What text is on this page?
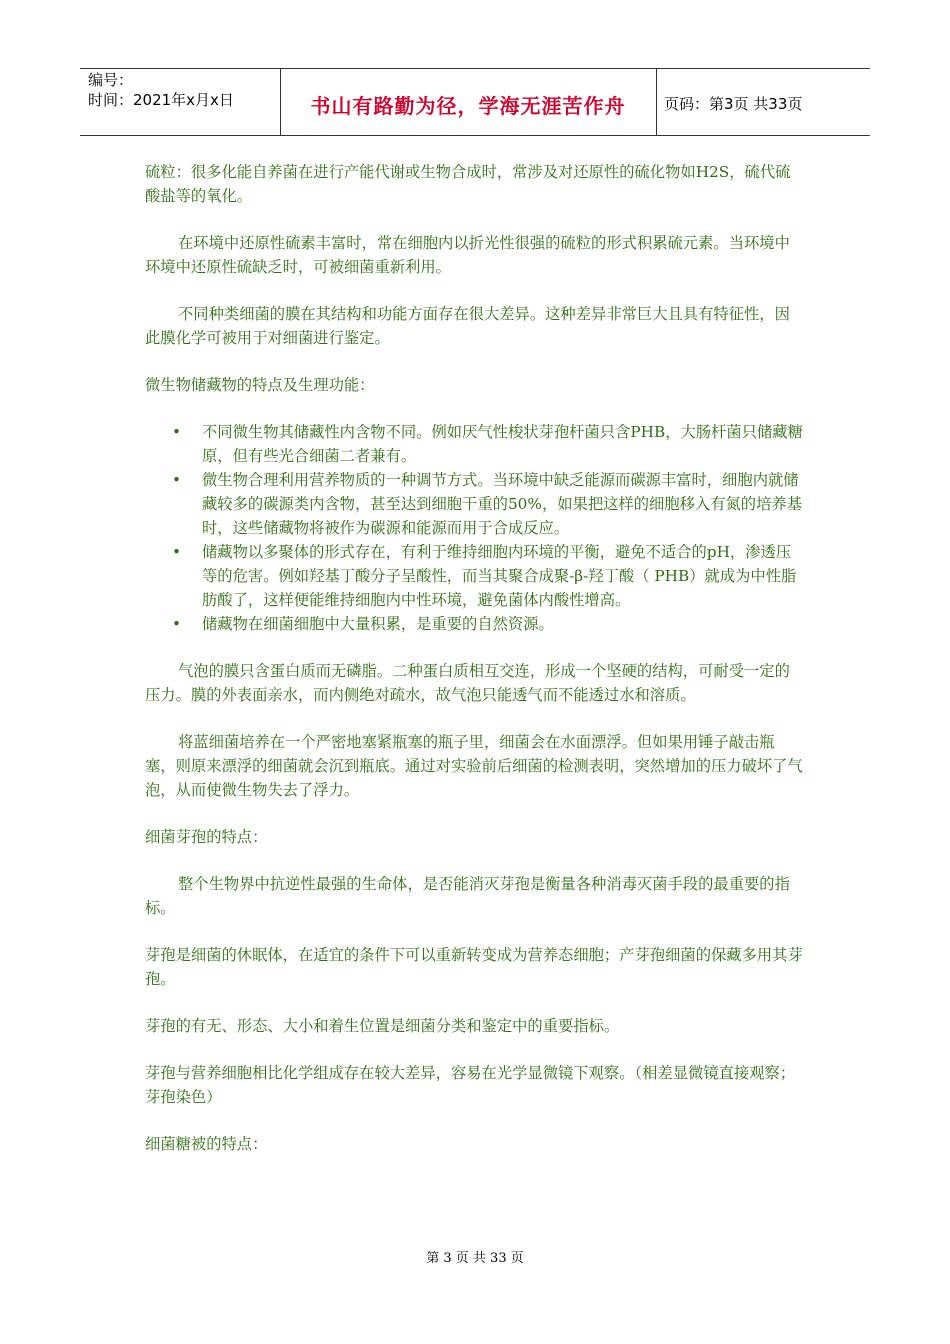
编号：
时间：2021年x月x日	书山有路勤为径，学海无涯苦作舟	页码：第3页 共33页

硫粒：很多化能自养菌在进行产能代谢或生物合成时，常涉及对还原性的硫化物如H2S，硫代硫酸盐等的氧化。

在环境中还原性硫素丰富时，常在细胞内以折光性很强的硫粒的形式积累硫元素。当环境中环境中还原性硫缺乏时，可被细菌重新利用。

不同种类细菌的膜在其结构和功能方面存在很大差异。这种差异非常巨大且具有特征性，因此膜化学可被用于对细菌进行鉴定。

微生物储藏物的特点及生理功能：

• 不同微生物其储藏性内含物不同。例如厌气性梭状芽孢杆菌只含PHB，大肠杆菌只储藏糖原，但有些光合细菌二者兼有。
• 微生物合理利用营养物质的一种调节方式。当环境中缺乏能源而碳源丰富时，细胞内就储藏较多的碳源类内含物，甚至达到细胞干重的50%，如果把这样的细胞移入有氮的培养基时，这些储藏物将被作为碳源和能源而用于合成反应。
• 储藏物以多聚体的形式存在，有利于维持细胞内环境的平衡，避免不适合的pH，渗透压等的危害。例如羟基丁酸分子呈酸性，而当其聚合成聚-β-羟丁酸（ PHB）就成为中性脂肪酸了，这样便能维持细胞内中性环境，避免菌体内酸性增高。
• 储藏物在细菌细胞中大量积累，是重要的自然资源。

气泡的膜只含蛋白质而无磷脂。二种蛋白质相互交连，形成一个坚硬的结构，可耐受一定的压力。膜的外表面亲水，而内侧绝对疏水，故气泡只能透气而不能透过水和溶质。

将蓝细菌培养在一个严密地塞紧瓶塞的瓶子里，细菌会在水面漂浮。但如果用锤子敲击瓶塞，则原来漂浮的细菌就会沉到瓶底。通过对实验前后细菌的检测表明，突然增加的压力破坏了气泡，从而使微生物失去了浮力。

细菌芽孢的特点：

整个生物界中抗逆性最强的生命体，是否能消灭芽孢是衡量各种消毒灭菌手段的最重要的指标。

芽孢是细菌的休眠体，在适宜的条件下可以重新转变成为营养态细胞；产芽孢细菌的保藏多用其芽孢。

芽孢的有无、形态、大小和着生位置是细菌分类和鉴定中的重要指标。

芽孢与营养细胞相比化学组成存在较大差异，容易在光学显微镜下观察。（相差显微镜直接观察；芽孢染色）

细菌糖被的特点：

第 3 页 共 33 页
